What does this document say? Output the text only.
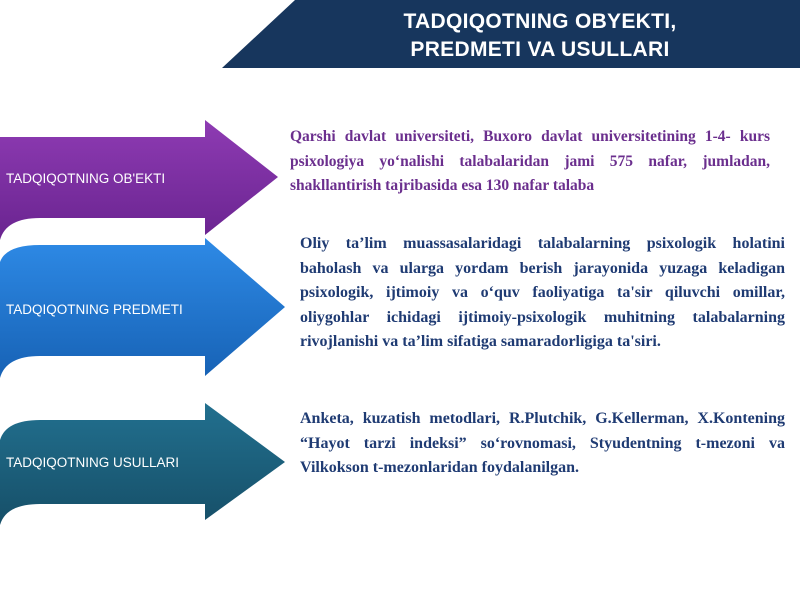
TADQIQOTNING OBYEKTI,
PREDMETI VA USULLARI
TADQIQOTNING OB'EKTI
TADQIQOTNING PREDMETI
TADQIQOTNING USULLARI
Qarshi davlat universiteti, Buxoro davlat universitetining 1-4- kurs psixologiya yo‘nalishi talabalaridan jami 575 nafar, jumladan, shakllantirish tajribasida esa 130 nafar talaba
Oliy ta’lim muassasalaridagi talabalarning psixologik holatini baholash va ularga yordam berish jarayonida yuzaga keladigan psixologik, ijtimoiy va o‘quv faoliyatiga ta'sir qiluvchi omillar, oliygohlar ichidagi ijtimoiy-psixologik muhitning talabalarning rivojlanishi va ta’lim sifatiga samaradorligiga ta'siri.
Anketa, kuzatish metodlari, R.Plutchik, G.Kellerman, X.Kontening “Hayot tarzi indeksi” so‘rovnomasi, Styudentning t-mezoni va Vilkokson t-mezonlaridan foydalanilgan.
